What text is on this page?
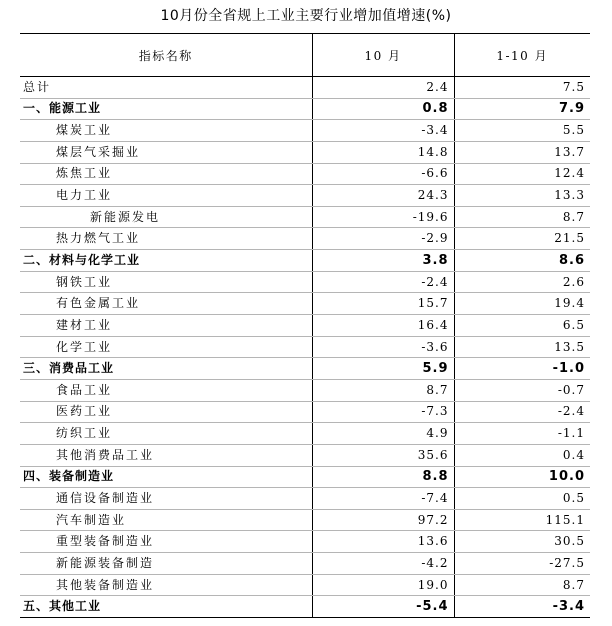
10月份全省规上工业主要行业增加值增速(%)
指标名称	10 月	1-10 月
总计	2.4	7.5
一、能源工业	0.8	7.9
煤炭工业	-3.4	5.5
煤层气采掘业	14.8	13.7
炼焦工业	-6.6	12.4
电力工业	24.3	13.3
新能源发电	-19.6	8.7
热力燃气工业	-2.9	21.5
二、材料与化学工业	3.8	8.6
钢铁工业	-2.4	2.6
有色金属工业	15.7	19.4
建材工业	16.4	6.5
化学工业	-3.6	13.5
三、消费品工业	5.9	-1.0
食品工业	8.7	-0.7
医药工业	-7.3	-2.4
纺织工业	4.9	-1.1
其他消费品工业	35.6	0.4
四、装备制造业	8.8	10.0
通信设备制造业	-7.4	0.5
汽车制造业	97.2	115.1
重型装备制造业	13.6	30.5
新能源装备制造	-4.2	-27.5
其他装备制造业	19.0	8.7
五、其他工业	-5.4	-3.4
